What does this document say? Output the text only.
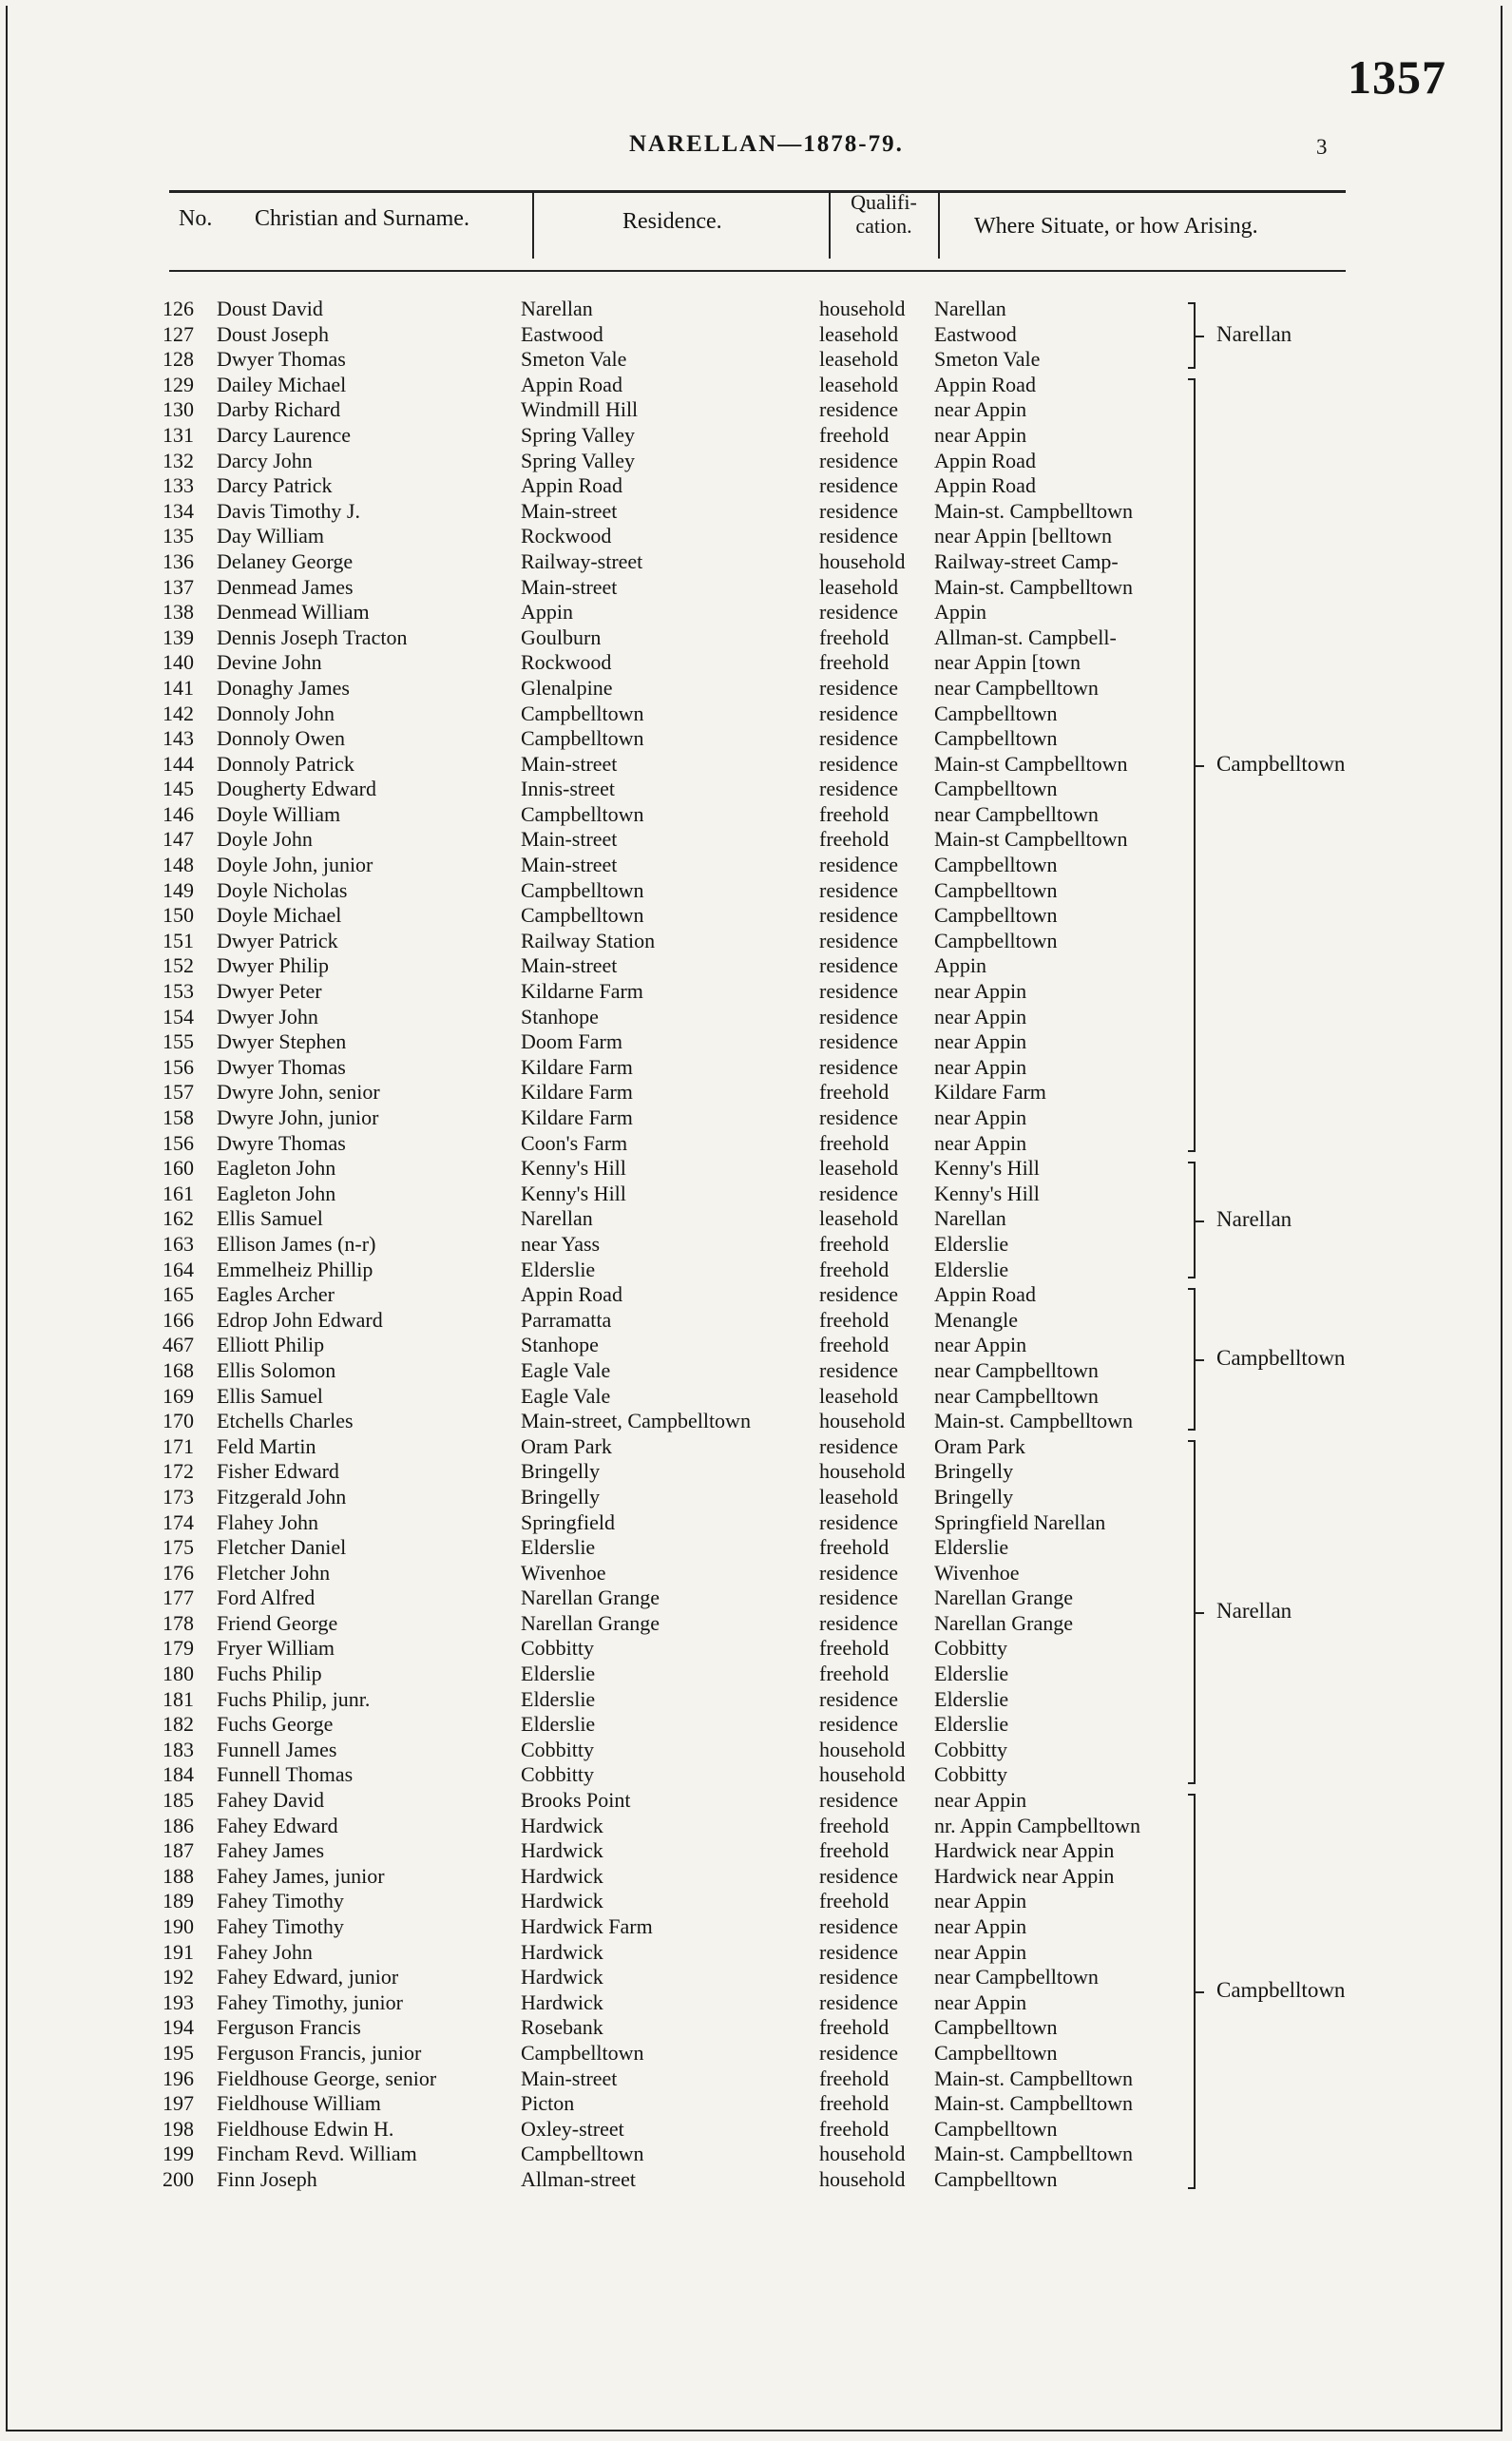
1357
NARELLAN—1878-79.	3
No. Christian and Surname.	Residence.
Qualifi-
cation.	Where Situate, or how Arising.
126 Doust David	Narellan	household Narellan
127 Doust Joseph	Eastwood	leasehold Eastwood
128 Dwyer Thomas	Smeton Vale	leasehold Smeton Vale
129 Dailey Michael	Appin Road	leasehold Appin Road
130 Darby Richard	Windmill Hill	residence near Appin
131 Darcy Laurence	Spring Valley	freehold near Appin
132 Darcy John	Spring Valley	residence Appin Road
133 Darcy Patrick	Appin Road	residence Appin Road
134 Davis Timothy J.	Main-street	residence Main-st. Campbelltown
135 Day William	Rockwood	residence near Appin [belltown
136 Delaney George	Railway-street	household Railway-street Camp-
137 Denmead James	Main-street	leasehold Main-st. Campbelltown
138 Denmead William	Appin	residence Appin
139 Dennis Joseph Tracton	Goulburn	freehold Allman-st. Campbell-
140 Devine John	Rockwood	freehold near Appin [town
141 Donaghy James	Glenalpine	residence near Campbelltown
142 Donnoly John	Campbelltown	residence Campbelltown
143 Donnoly Owen	Campbelltown	residence Campbelltown
144 Donnoly Patrick	Main-street	residence Main-st Campbelltown
145 Dougherty Edward	Innis-street	residence Campbelltown
146 Doyle William	Campbelltown	freehold near Campbelltown
147 Doyle John	Main-street	freehold Main-st Campbelltown
148 Doyle John, junior	Main-street	residence Campbelltown
149 Doyle Nicholas	Campbelltown	residence Campbelltown
150 Doyle Michael	Campbelltown	residence Campbelltown
151 Dwyer Patrick	Railway Station	residence Campbelltown
152 Dwyer Philip	Main-street	residence Appin
153 Dwyer Peter	Kildarne Farm	residence near Appin
154 Dwyer John	Stanhope	residence near Appin
155 Dwyer Stephen	Doom Farm	residence near Appin
156 Dwyer Thomas	Kildare Farm	residence near Appin
157 Dwyre John, senior	Kildare Farm	freehold Kildare Farm
158 Dwyre John, junior	Kildare Farm	residence near Appin
156 Dwyre Thomas	Coon's Farm	freehold near Appin
160 Eagleton John	Kenny's Hill	leasehold Kenny's Hill
161 Eagleton John	Kenny's Hill	residence Kenny's Hill
162 Ellis Samuel	Narellan	leasehold Narellan
163 Ellison James (n-r)	near Yass	freehold Elderslie
164 Emmelheiz Phillip	Elderslie	freehold Elderslie
165 Eagles Archer	Appin Road	residence Appin Road
166 Edrop John Edward	Parramatta	freehold Menangle
467 Elliott Philip	Stanhope	freehold near Appin
168 Ellis Solomon	Eagle Vale	residence near Campbelltown
169 Ellis Samuel	Eagle Vale	leasehold near Campbelltown
170 Etchells Charles	Main-street, Campbelltown	household Main-st. Campbelltown
171 Feld Martin	Oram Park	residence Oram Park
172 Fisher Edward	Bringelly	household Bringelly
173 Fitzgerald John	Bringelly	leasehold Bringelly
174 Flahey John	Springfield	residence Springfield Narellan
175 Fletcher Daniel	Elderslie	freehold Elderslie
176 Fletcher John	Wivenhoe	residence Wivenhoe
177 Ford Alfred	Narellan Grange	residence Narellan Grange
178 Friend George	Narellan Grange	residence Narellan Grange
179 Fryer William	Cobbitty	freehold Cobbitty
180 Fuchs Philip	Elderslie	freehold Elderslie
181 Fuchs Philip, junr.	Elderslie	residence Elderslie
182 Fuchs George	Elderslie	residence Elderslie
183 Funnell James	Cobbitty	household Cobbitty
184 Funnell Thomas	Cobbitty	household Cobbitty
185 Fahey David	Brooks Point	residence near Appin
186 Fahey Edward	Hardwick	freehold nr. Appin Campbelltown
187 Fahey James	Hardwick	freehold Hardwick near Appin
188 Fahey James, junior	Hardwick	residence Hardwick near Appin
189 Fahey Timothy	Hardwick	freehold near Appin
190 Fahey Timothy	Hardwick Farm	residence near Appin
191 Fahey John	Hardwick	residence near Appin
192 Fahey Edward, junior	Hardwick	residence near Campbelltown
193 Fahey Timothy, junior	Hardwick	residence near Appin
194 Ferguson Francis	Rosebank	freehold Campbelltown
195 Ferguson Francis, junior	Campbelltown	residence Campbelltown
196 Fieldhouse George, senior	Main-street	freehold Main-st. Campbelltown
197 Fieldhouse William	Picton	freehold Main-st. Campbelltown
198 Fieldhouse Edwin H.	Oxley-street	freehold Campbelltown
199 Fincham Revd. William	Campbelltown	household Main-st. Campbelltown
200 Finn Joseph	Allman-street	household Campbelltown
Narellan
Campbelltown
Narellan
Campbelltown
Narellan
Campbelltown
